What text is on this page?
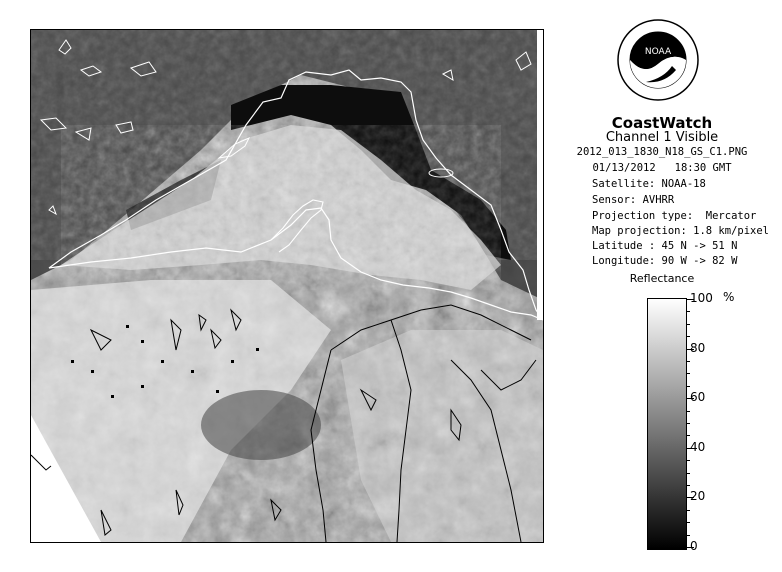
NOAA
CoastWatch
Channel 1 Visible
2012_013_1830_N18_GS_C1.PNG
01/13/2012   18:30 GMT
Satellite: NOAA-18
Sensor: AVHRR
Projection type:  Mercator
Map projection: 1.8 km/pixel
Latitude : 45 N -> 51 N
Longitude: 90 W -> 82 W
Reflectance
%
100
80
60
40
20
0
